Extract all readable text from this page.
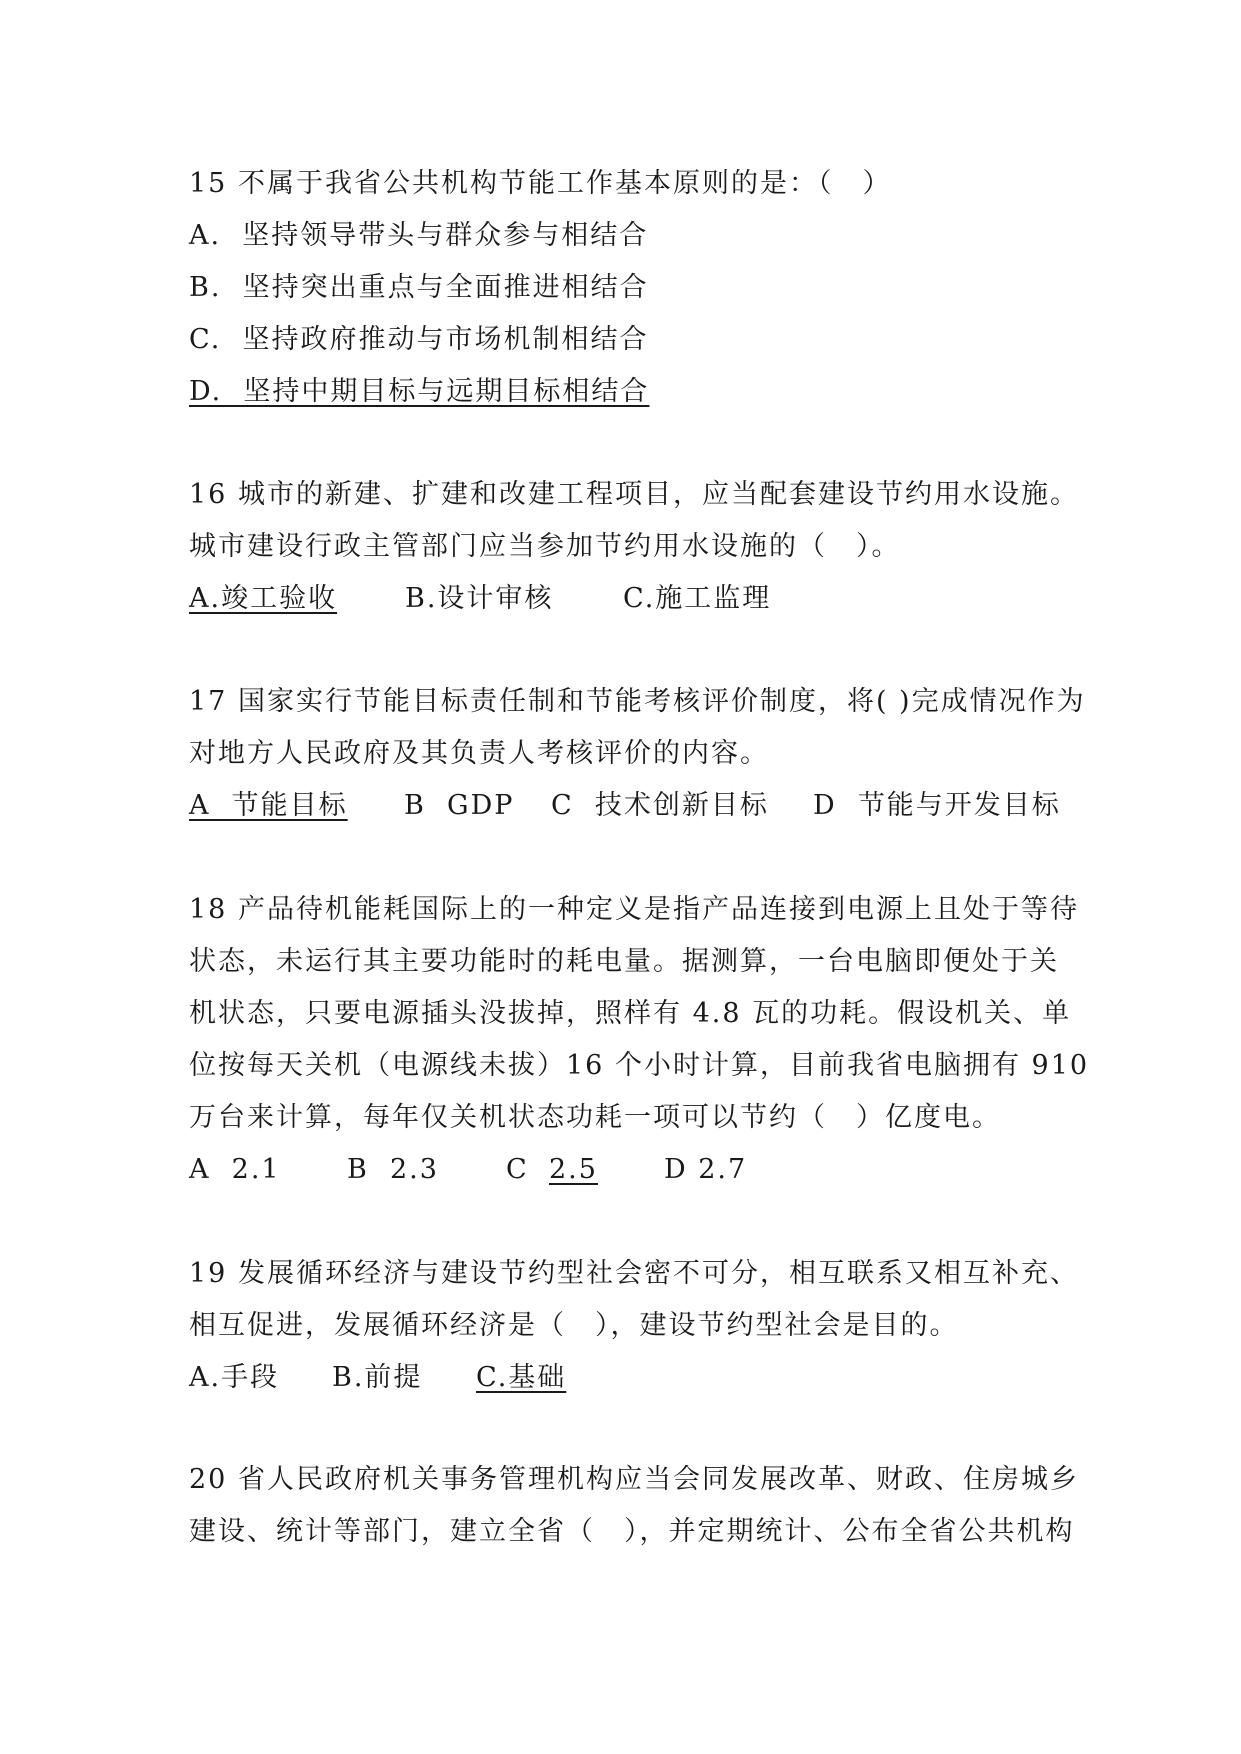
15 不属于我省公共机构节能工作基本原则的是：（　）
A.  坚持领导带头与群众参与相结合
B.  坚持突出重点与全面推进相结合
C.  坚持政府推动与市场机制相结合
D.  坚持中期目标与远期目标相结合
16 城市的新建、扩建和改建工程项目，应当配套建设节约用水设施。
城市建设行政主管部门应当参加节约用水设施的（　）。
A.竣工验收	B.设计审核	C.施工监理
17 国家实行节能目标责任制和节能考核评价制度，将( )完成情况作为
对地方人民政府及其负责人考核评价的内容。
A  节能目标 B  GDP C  技术创新目标 D  节能与开发目标
18 产品待机能耗国际上的一种定义是指产品连接到电源上且处于等待
状态，未运行其主要功能时的耗电量。据测算，一台电脑即便处于关
机状态，只要电源插头没拔掉，照样有 4.8 瓦的功耗。假设机关、单
位按每天关机（电源线未拔）16 个小时计算，目前我省电脑拥有 910
万台来计算，每年仅关机状态功耗一项可以节约（　）亿度电。
A  2.1 B  2.3 C 2.5 D 2.7
19 发展循环经济与建设节约型社会密不可分，相互联系又相互补充、
相互促进，发展循环经济是（　），建设节约型社会是目的。
A.手段 B.前提 C.基础
20 省人民政府机关事务管理机构应当会同发展改革、财政、住房城乡
建设、统计等部门，建立全省（　），并定期统计、公布全省公共机构
